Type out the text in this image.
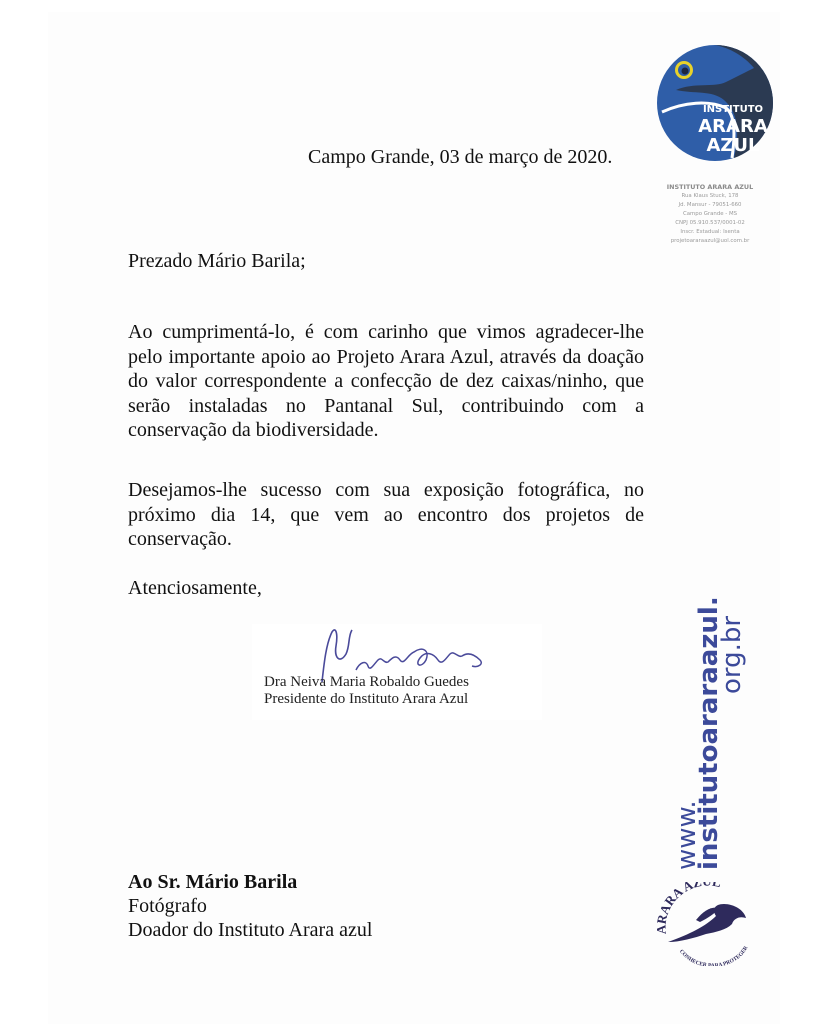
INSTITUTO
ARARA
AZUL
INSTITUTO ARARA AZUL
Rua Klaus Stuck, 178
Jd. Mansur - 79051-660
Campo Grande - MS
CNPJ 05.910.537/0001-02
Inscr. Estadual: Isenta
projetoararaazul@uol.com.br
Campo Grande, 03 de março de 2020.
Prezado Mário Barila;
Ao cumprimentá-lo, é com carinho que vimos agradecer-lhe pelo importante apoio ao Projeto Arara Azul, através da doação do valor correspondente a confecção de dez caixas/ninho, que serão instaladas no Pantanal Sul, contribuindo com a conservação da biodiversidade.
Desejamos-lhe sucesso com sua exposição fotográfica, no próximo dia 14, que vem ao encontro dos projetos de conservação.
Atenciosamente,
Dra Neiva Maria Robaldo Guedes
Presidente do Instituto Arara Azul
Ao Sr. Mário Barila
Fotógrafo
Doador do Instituto Arara azul
www.
institutoararaazul.
org.br
ARARA AZ
CONHECER P RA PROTEGER
